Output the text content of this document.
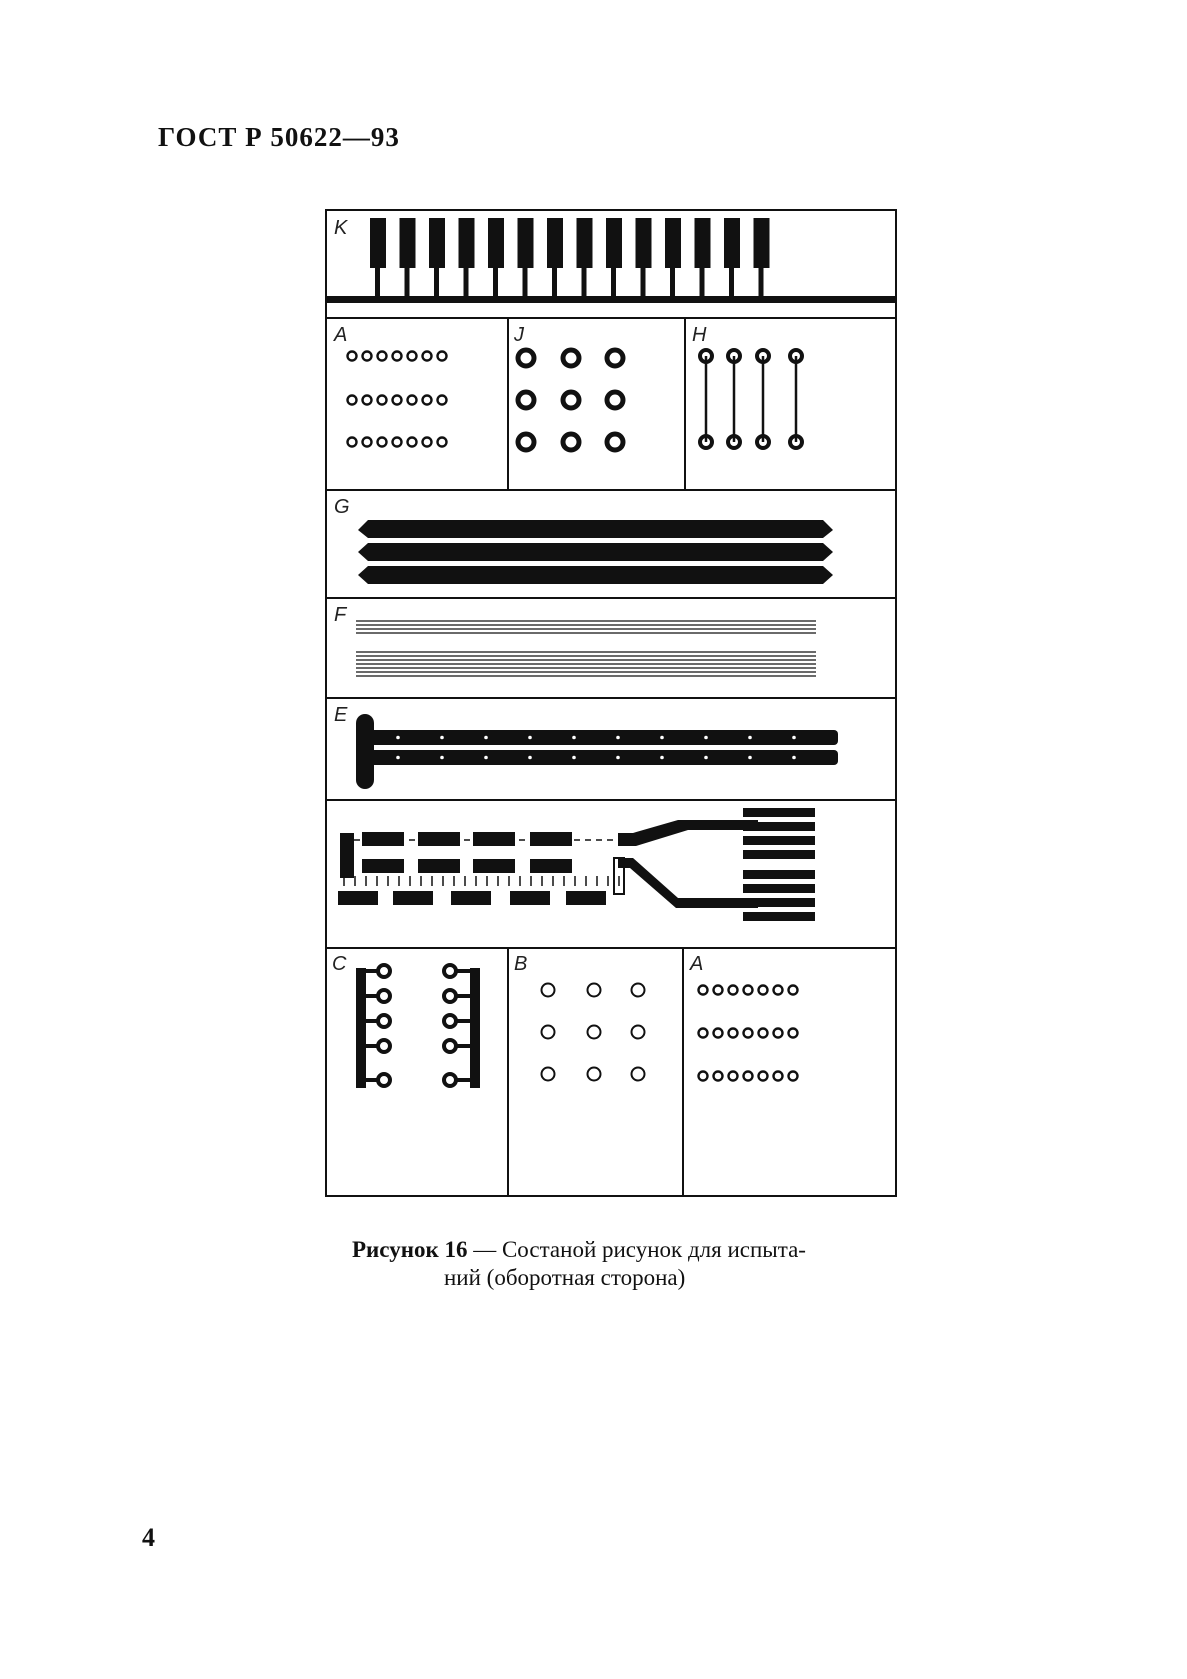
ГОСТ Р 50622—93
K
A	J	H
G
F
E
C	B	A
Рисунок 16 — Состаной рисунок для испыта-
ний (оборотная сторона)
4
